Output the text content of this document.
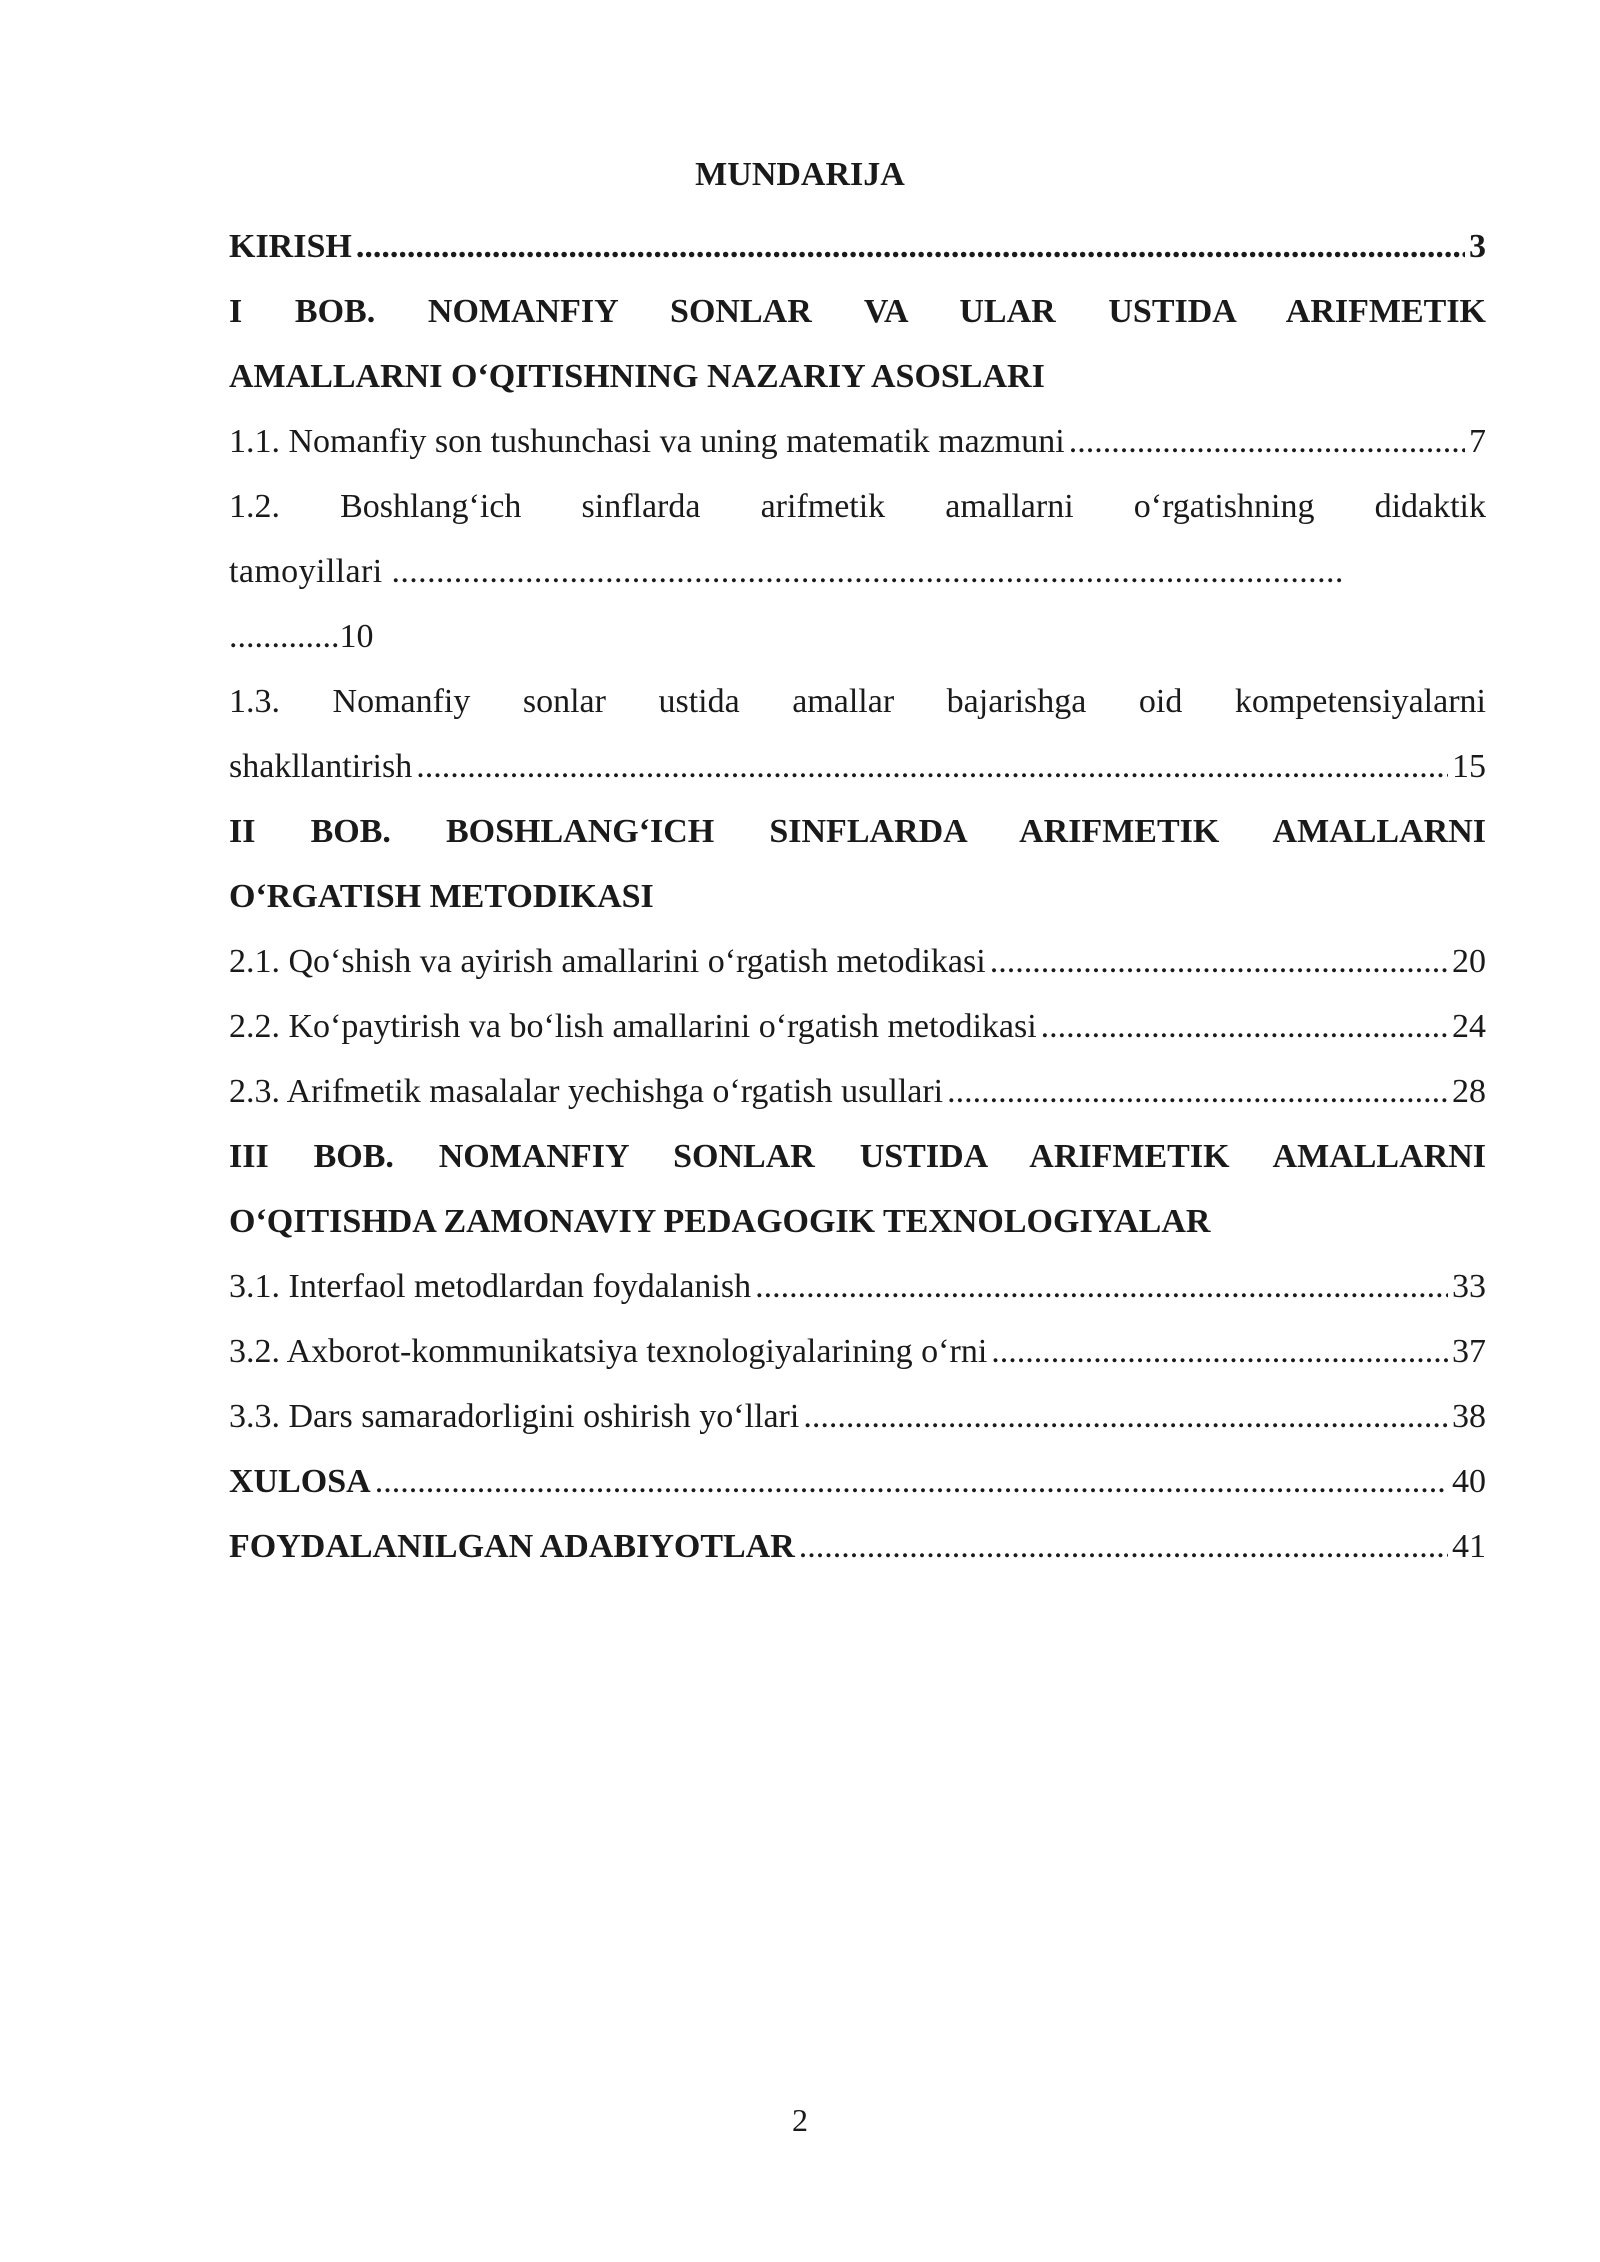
MUNDARIJA
KIRISH .....	3
I BOB. NOMANFIY SONLAR VA ULAR USTIDA ARIFMETIK
AMALLARNI O‘QITISHNING NAZARIY ASOSLARI
1.1. Nomanfiy son tushunchasi va uning matematik mazmuni .....	7
1.2. Boshlang‘ich sinflarda arifmetik amallarni o‘rgatishning didaktik
tamoyillari ...........................................................................................................
.............10
1.3. Nomanfiy sonlar ustida amallar bajarishga oid kompetensiyalarni
shakllantirish .....	15
II BOB. BOSHLANG‘ICH SINFLARDA ARIFMETIK AMALLARNI
O‘RGATISH METODIKASI
2.1. Qo‘shish va ayirish amallarini o‘rgatish metodikasi .....	20
2.2. Ko‘paytirish va bo‘lish amallarini o‘rgatish metodikasi .....	24
2.3. Arifmetik masalalar yechishga o‘rgatish usullari .....	28
III BOB. NOMANFIY SONLAR USTIDA ARIFMETIK AMALLARNI
O‘QITISHDA ZAMONAVIY PEDAGOGIK TEXNOLOGIYALAR
3.1. Interfaol metodlardan foydalanish .....	33
3.2. Axborot-kommunikatsiya texnologiyalarining o‘rni .....	37
3.3. Dars samaradorligini oshirish yo‘llari .....	38
XULOSA .....	40
FOYDALANILGAN ADABIYOTLAR .....	41
2
